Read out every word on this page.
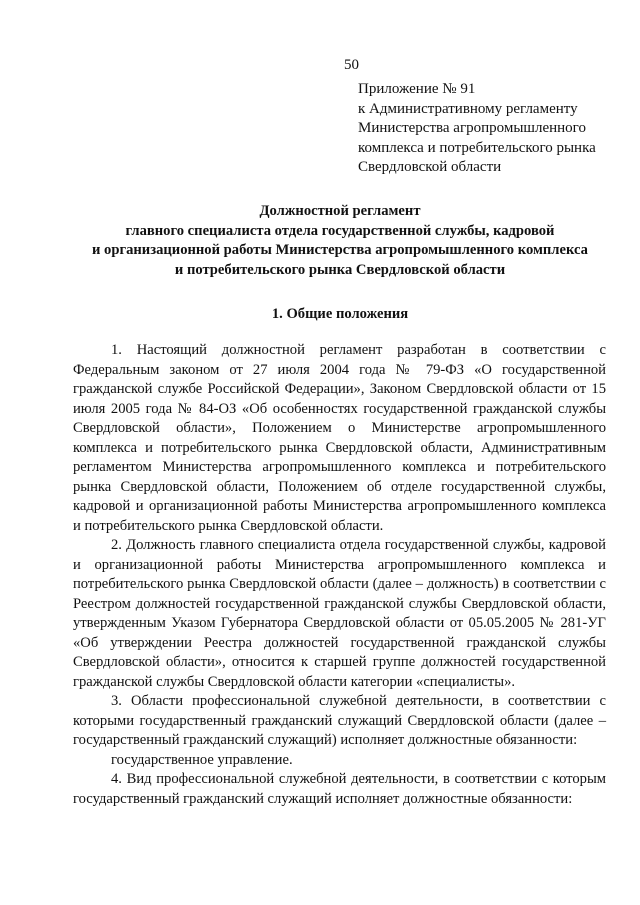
50
Приложение № 91
к Административному регламенту
Министерства агропромышленного
комплекса и потребительского рынка
Свердловской области
Должностной регламент
главного специалиста отдела государственной службы, кадровой
и организационной работы Министерства агропромышленного комплекса
и потребительского рынка Свердловской области
1. Общие положения

1. Настоящий должностной регламент разработан в соответствии с Федеральным законом от 27 июля 2004 года № 79-ФЗ «О государственной гражданской службе Российской Федерации», Законом Свердловской области от 15 июля 2005 года № 84-ОЗ «Об особенностях государственной гражданской службы Свердловской области», Положением о Министерстве агропромышленного комплекса и потребительского рынка Свердловской области, Административным регламентом Министерства агропромышленного комплекса и потребительского рынка Свердловской области, Положением об отделе государственной службы, кадровой и организационной работы Министерства агропромышленного комплекса и потребительского рынка Свердловской области.

2. Должность главного специалиста отдела государственной службы, кадровой и организационной работы Министерства агропромышленного комплекса и потребительского рынка Свердловской области (далее – должность) в соответствии с Реестром должностей государственной гражданской службы Свердловской области, утвержденным Указом Губернатора Свердловской области от 05.05.2005 № 281-УГ «Об утверждении Реестра должностей государственной гражданской службы Свердловской области», относится к старшей группе должностей государственной гражданской службы Свердловской области категории «специалисты».

3. Области профессиональной служебной деятельности, в соответствии с которыми государственный гражданский служащий Свердловской области (далее – государственный гражданский служащий) исполняет должностные обязанности:

государственное управление.

4. Вид профессиональной служебной деятельности, в соответствии с которым государственный гражданский служащий исполняет должностные обязанности:
